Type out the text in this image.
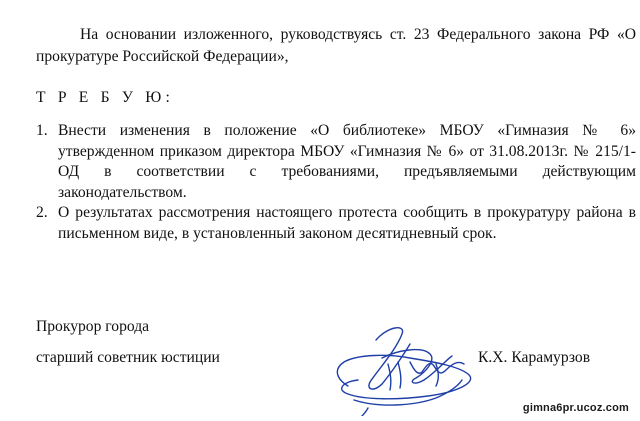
На основании изложенного, руководствуясь ст. 23 Федерального закона РФ «О прокуратуре Российской Федерации»,

Т Р Е Б У Ю:

1. Внести изменения в положение «О библиотеке» МБОУ «Гимназия № 6» утвержденном приказом директора МБОУ «Гимназия № 6» от 31.08.2013г. № 215/1-ОД в соответствии с требованиями, предъявляемыми действующим законодательством.
2. О результатах рассмотрения настоящего протеста сообщить в прокуратуру района в письменном виде, в установленный законом десятидневный срок.

Прокурор города

старший советник юстиции	К.Х. Карамурзов

gimna6pr.ucoz.com
